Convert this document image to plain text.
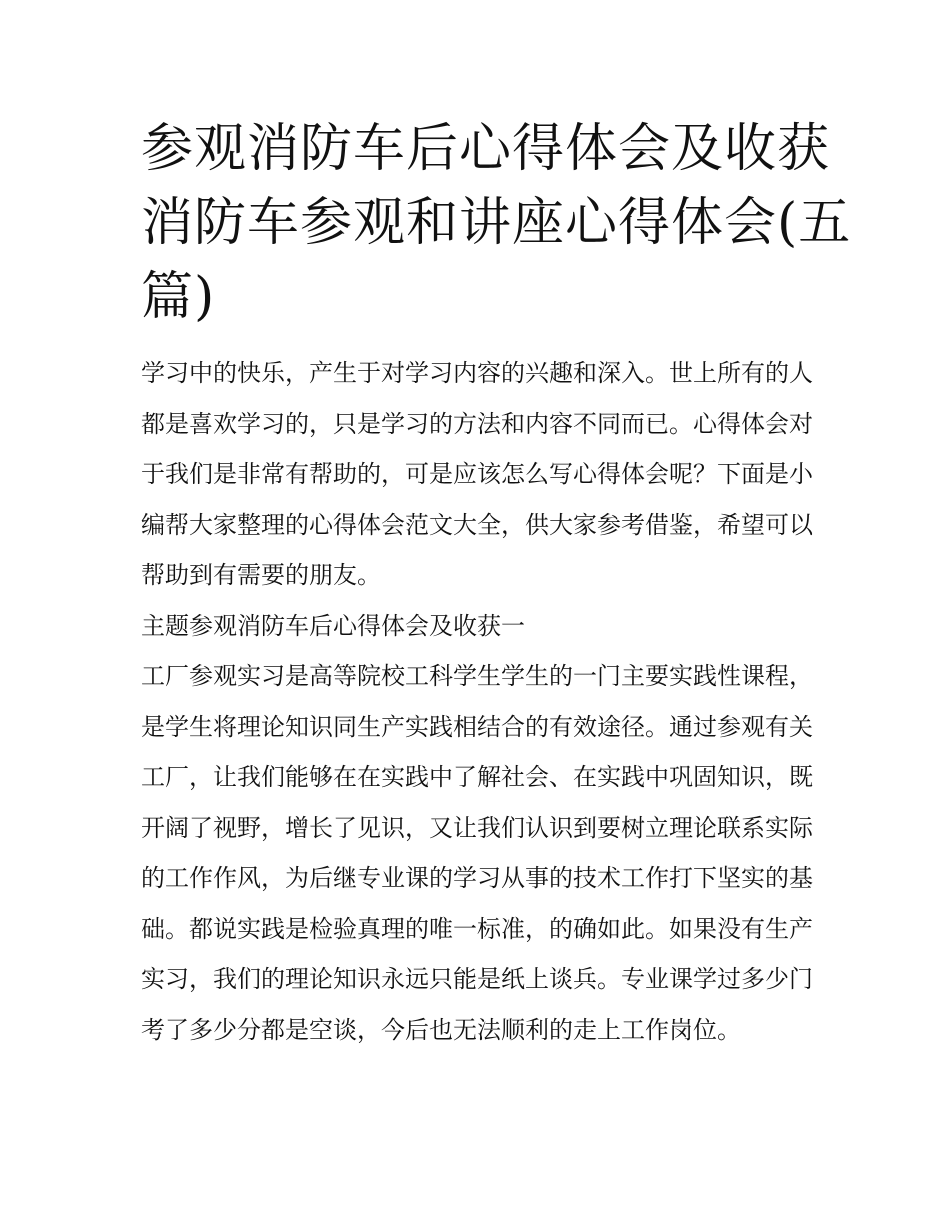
参观消防车后心得体会及收获
消防车参观和讲座心得体会(五
篇)

学习中的快乐，产生于对学习内容的兴趣和深入。世上所有的人都是喜欢学习的，只是学习的方法和内容不同而已。心得体会对于我们是非常有帮助的，可是应该怎么写心得体会呢？下面是小编帮大家整理的心得体会范文大全，供大家参考借鉴，希望可以帮助到有需要的朋友。

主题参观消防车后心得体会及收获一

工厂参观实习是高等院校工科学生学生的一门主要实践性课程，是学生将理论知识同生产实践相结合的有效途径。通过参观有关工厂，让我们能够在在实践中了解社会、在实践中巩固知识，既开阔了视野，增长了见识，又让我们认识到要树立理论联系实际的工作作风，为后继专业课的学习从事的技术工作打下坚实的基础。都说实践是检验真理的唯一标准，的确如此。如果没有生产实习，我们的理论知识永远只能是纸上谈兵。专业课学过多少门考了多少分都是空谈，今后也无法顺利的走上工作岗位。
